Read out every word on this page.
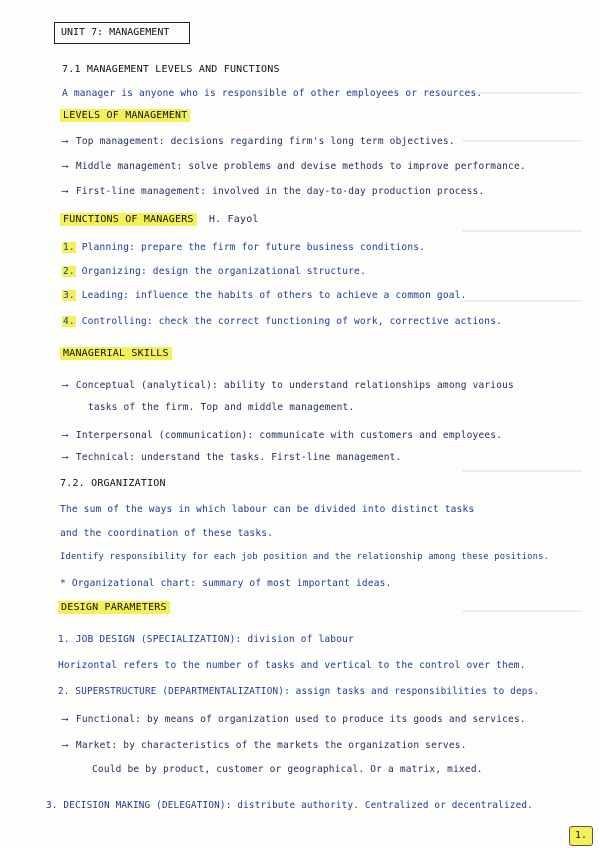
UNIT 7: MANAGEMENT
7.1 MANAGEMENT LEVELS AND FUNCTIONS
A manager is anyone who is responsible of other employees or resources.
LEVELS OF MANAGEMENT
⟶ Top management: decisions regarding firm's long term objectives.
⟶ Middle management: solve problems and devise methods to improve performance.
⟶ First-line management: involved in the day-to-day production process.
FUNCTIONS OF MANAGERS H. Fayol
1. Planning: prepare the firm for future business conditions.
2. Organizing: design the organizational structure.
3. Leading: influence the habits of others to achieve a common goal.
4. Controlling: check the correct functioning of work, corrective actions.
MANAGERIAL SKILLS
⟶ Conceptual (analytical): ability to understand relationships among various
tasks of the firm. Top and middle management.
⟶ Interpersonal (communication): communicate with customers and employees.
⟶ Technical: understand the tasks. First-line management.
7.2. ORGANIZATION
The sum of the ways in which labour can be divided into distinct tasks
and the coordination of these tasks.
Identify responsibility for each job position and the relationship among these positions.
* Organizational chart: summary of most important ideas.
DESIGN PARAMETERS
1. JOB DESIGN (SPECIALIZATION): division of labour
Horizontal refers to the number of tasks and vertical to the control over them.
2. SUPERSTRUCTURE (DEPARTMENTALIZATION): assign tasks and responsibilities to deps.
⟶ Functional: by means of organization used to produce its goods and services.
⟶ Market: by characteristics of the markets the organization serves.
Could be by product, customer or geographical. Or a matrix, mixed.
3. DECISION MAKING (DELEGATION): distribute authority. Centralized or decentralized.
1.
